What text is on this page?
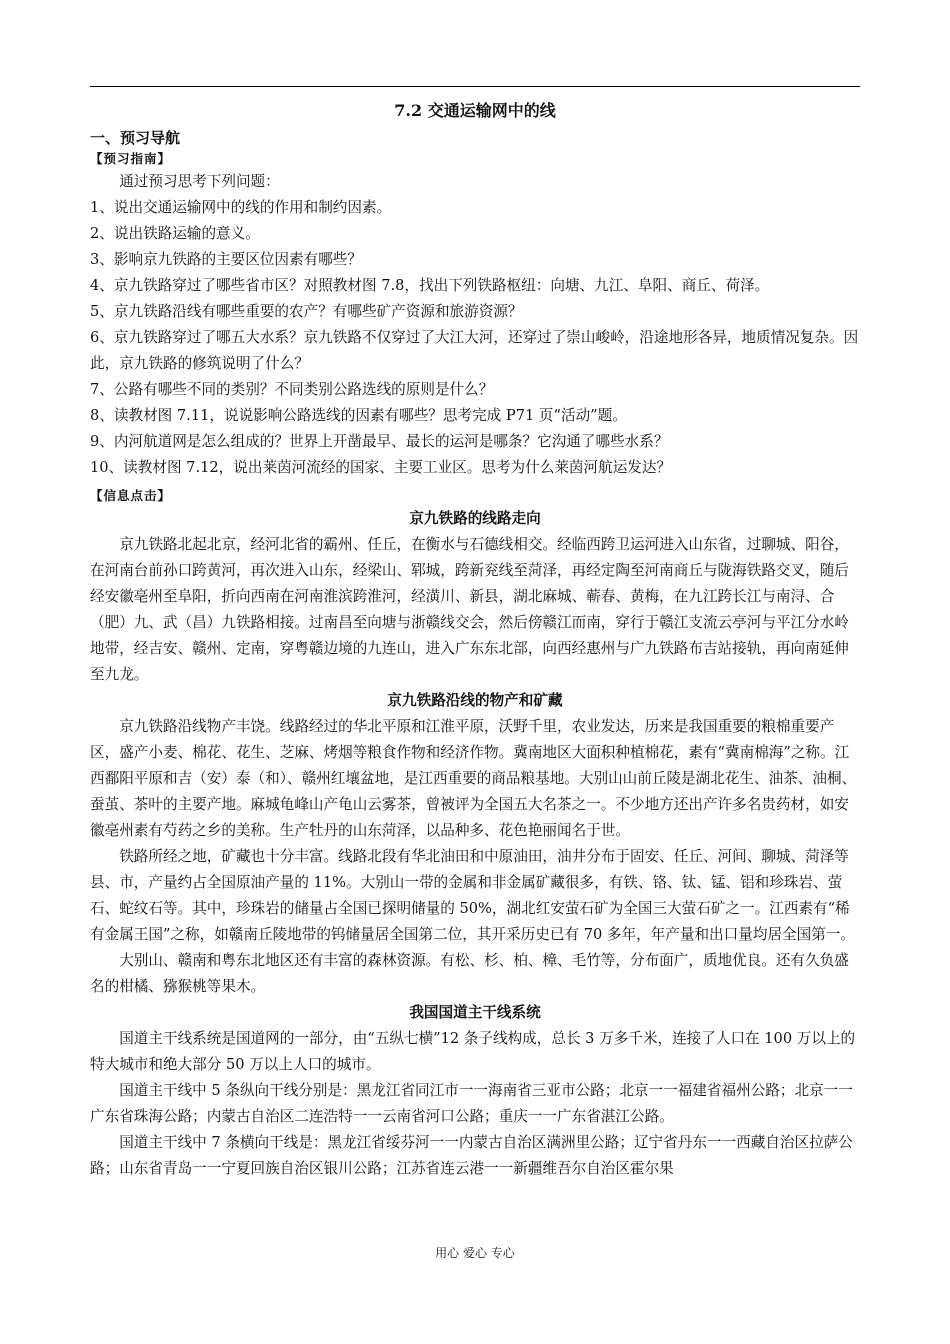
7.2 交通运输网中的线
一、预习导航
【预习指南】

通过预习思考下列问题：

1、说出交通运输网中的线的作用和制约因素。

2、说出铁路运输的意义。

3、影响京九铁路的主要区位因素有哪些？

4、京九铁路穿过了哪些省市区？对照教材图 7.8，找出下列铁路枢纽：向塘、九江、阜阳、商丘、荷泽。

5、京九铁路沿线有哪些重要的农产？有哪些矿产资源和旅游资源？

6、京九铁路穿过了哪五大水系？京九铁路不仅穿过了大江大河，还穿过了崇山峻岭，沿途地形各异，地质情况复杂。因此，京九铁路的修筑说明了什么？

7、公路有哪些不同的类别？不同类别公路选线的原则是什么？

8、读教材图 7.11，说说影响公路选线的因素有哪些？思考完成 P71 页“活动”题。

9、内河航道网是怎么组成的？世界上开凿最早、最长的运河是哪条？它沟通了哪些水系？

10、读教材图 7.12，说出莱茵河流经的国家、主要工业区。思考为什么莱茵河航运发达？

【信息点击】

京九铁路的线路走向

京九铁路北起北京，经河北省的霸州、任丘，在衡水与石德线相交。经临西跨卫运河进入山东省，过聊城、阳谷，在河南台前孙口跨黄河，再次进入山东，经梁山、郓城，跨新兖线至菏泽，再经定陶至河南商丘与陇海铁路交叉，随后经安徽亳州至阜阳，折向西南在河南淮滨跨淮河，经潢川、新县，湖北麻城、蕲春、黄梅，在九江跨长江与南浔、合（肥）九、武（昌）九铁路相接。过南昌至向塘与浙赣线交会，然后傍赣江而南，穿行于赣江支流云亭河与平江分水岭地带，经吉安、赣州、定南，穿粤赣边境的九连山，进入广东东北部，向西经惠州与广九铁路布吉站接轨，再向南延伸至九龙。

京九铁路沿线的物产和矿藏

京九铁路沿线物产丰饶。线路经过的华北平原和江淮平原，沃野千里，农业发达，历来是我国重要的粮棉重要产区，盛产小麦、棉花、花生、芝麻、烤烟等粮食作物和经济作物。冀南地区大面积种植棉花，素有“冀南棉海”之称。江西鄱阳平原和吉（安）泰（和）、赣州红壤盆地，是江西重要的商品粮基地。大别山山前丘陵是湖北花生、油茶、油桐、蚕茧、茶叶的主要产地。麻城龟峰山产龟山云雾茶，曾被评为全国五大名茶之一。不少地方还出产许多名贵药材，如安徽亳州素有芍药之乡的美称。生产牡丹的山东菏泽，以品种多、花色艳丽闻名于世。

铁路所经之地，矿藏也十分丰富。线路北段有华北油田和中原油田，油井分布于固安、任丘、河间、聊城、菏泽等县、市，产量约占全国原油产量的 11%。大别山一带的金属和非金属矿藏很多，有铁、铬、钛、锰、铝和珍珠岩、萤石、蛇纹石等。其中，珍珠岩的储量占全国已探明储量的 50%，湖北红安萤石矿为全国三大萤石矿之一。江西素有“稀有金属王国”之称，如赣南丘陵地带的钨储量居全国第二位，其开采历史已有 70 多年，年产量和出口量均居全国第一。

大别山、赣南和粤东北地区还有丰富的森林资源。有松、杉、柏、樟、毛竹等，分布面广，质地优良。还有久负盛名的柑橘、猕猴桃等果木。

我国国道主干线系统

国道主干线系统是国道网的一部分，由“五纵七横”12 条子线构成，总长 3 万多千米，连接了人口在 100 万以上的特大城市和绝大部分 50 万以上人口的城市。

国道主干线中 5 条纵向干线分别是：黑龙江省同江市一一海南省三亚市公路；北京一一福建省福州公路；北京一一广东省珠海公路；内蒙古自治区二连浩特一一云南省河口公路；重庆一一广东省湛江公路。

国道主干线中 7 条横向干线是：黑龙江省绥芬河一一内蒙古自治区满洲里公路；辽宁省丹东一一西藏自治区拉萨公路；山东省青岛一一宁夏回族自治区银川公路；江苏省连云港一一新疆维吾尔自治区霍尔果

用心 爱心 专心
